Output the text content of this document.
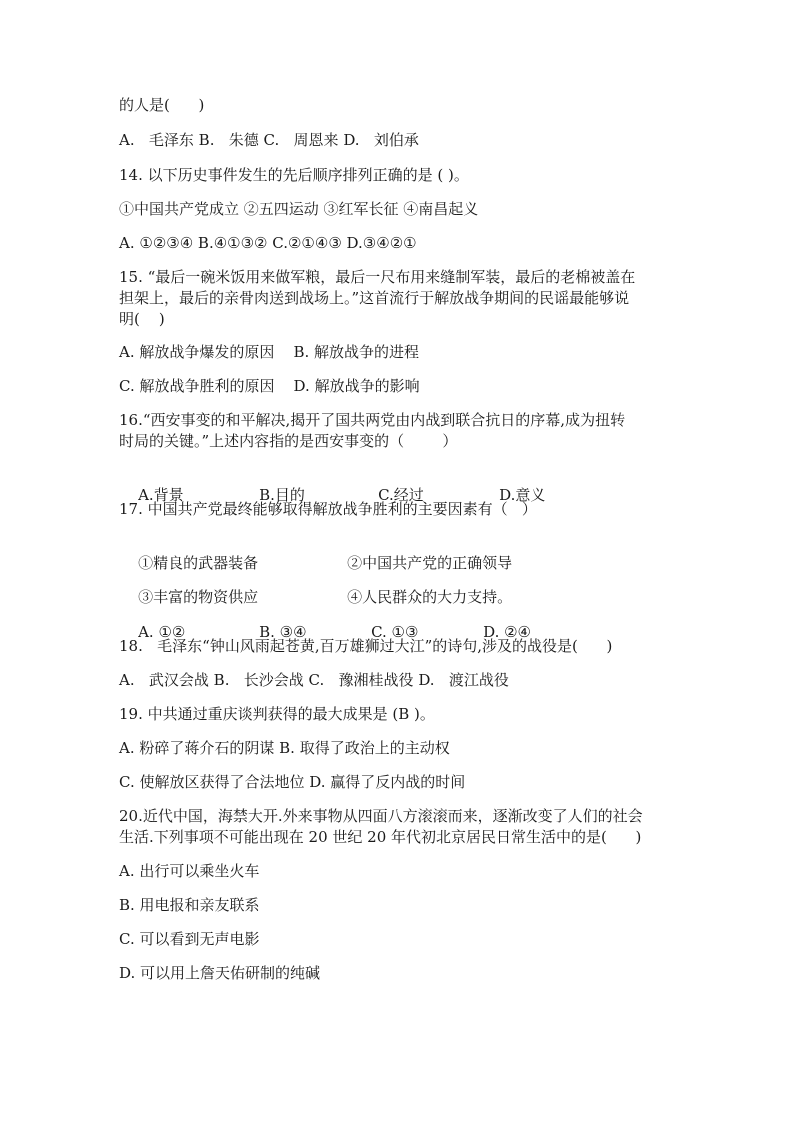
的人是(      )
A.   毛泽东 B.   朱德 C.   周恩来 D.   刘伯承
14. 以下历史事件发生的先后顺序排列正确的是 ( )。
①中国共产党成立 ②五四运动 ③红军长征 ④南昌起义
A. ①②③④ B.④①③② C.②①④③ D.③④②①
15. “最后一碗米饭用来做军粮，最后一尺布用来缝制军装，最后的老棉被盖在
担架上，最后的亲骨肉送到战场上。”这首流行于解放战争期间的民谣最能够说
明(    )
A. 解放战争爆发的原因    B. 解放战争的进程
C. 解放战争胜利的原因    D. 解放战争的影响
16.“西安事变的和平解决,揭开了国共两党由内战到联合抗日的序幕,成为扭转
时局的关键。”上述内容指的是西安事变的（        ）

A.背景	B.目的	C.经过	D.意义

17. 中国共产党最终能够取得解放战争胜利的主要因素有（   ）

①精良的武器装备	②中国共产党的正确领导

③丰富的物资供应	④人民群众的大力支持。

A. ①②	B. ③④	C. ①③	D. ②④

18.   毛泽东“钟山风雨起苍黄,百万雄狮过大江”的诗句,涉及的战役是(      )
A.   武汉会战 B.   长沙会战 C.   豫湘桂战役 D.   渡江战役
19. 中共通过重庆谈判获得的最大成果是 (B )。
A. 粉碎了蒋介石的阴谋 B. 取得了政治上的主动权
C. 使解放区获得了合法地位 D. 赢得了反内战的时间
20.近代中国，海禁大开.外来事物从四面八方滚滚而来，逐渐改变了人们的社会
生活.下列事项不可能出现在 20 世纪 20 年代初北京居民日常生活中的是(      )
A. 出行可以乘坐火车
B. 用电报和亲友联系
C. 可以看到无声电影
D. 可以用上詹天佑研制的纯碱
